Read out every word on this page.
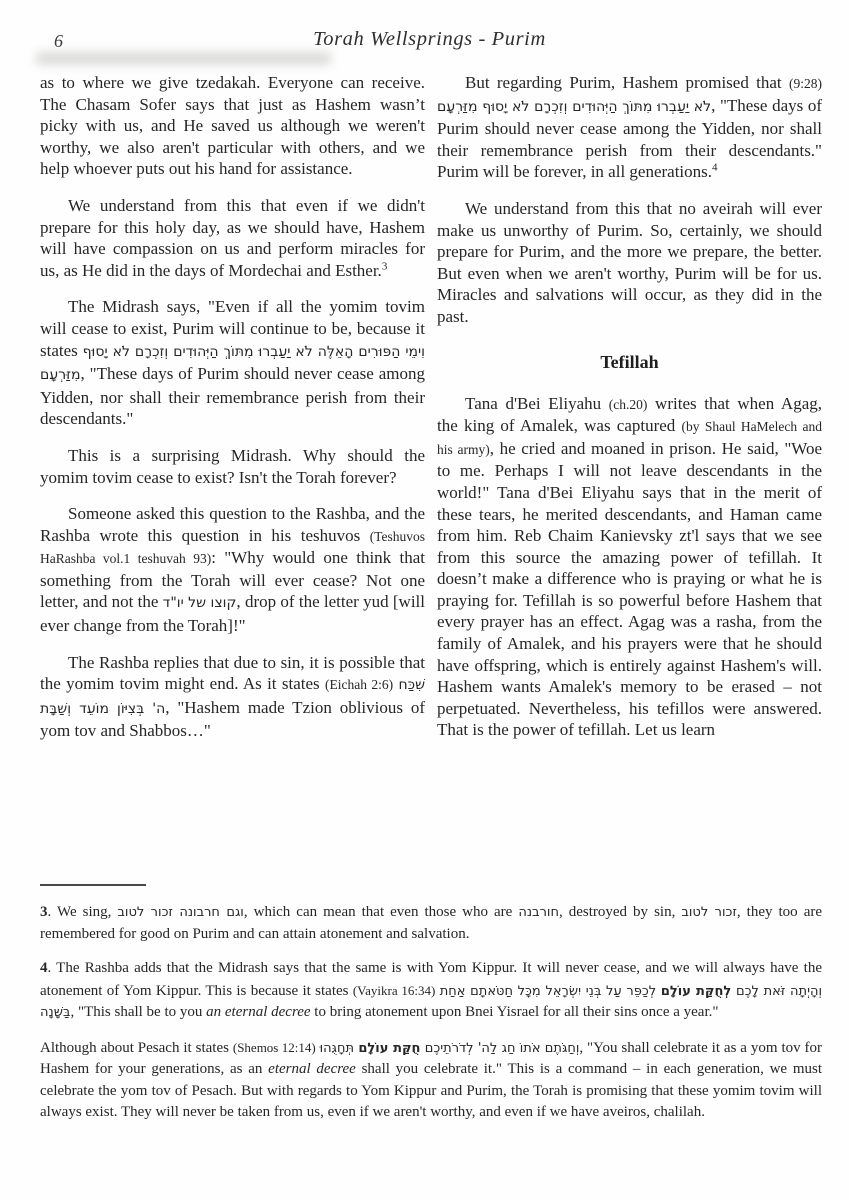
6	Torah Wellsprings - Purim

as to where we give tzedakah. Everyone can receive. The Chasam Sofer says that just as Hashem wasn’t picky with us, and He saved us although we weren't worthy, we also aren't particular with others, and we help whoever puts out his hand for assistance.

We understand from this that even if we didn't prepare for this holy day, as we should have, Hashem will have compassion on us and perform miracles for us, as He did in the days of Mordechai and Esther.$^3$

The Midrash says, "Even if all the yomim tovim will cease to exist, Purim will continue to be, because it states וִימֵי הַפּוּרִים הָאֵלֶּה לֹא יַעַבְרוּ מִתּוֹךְ הַיְּהוּדִים וְזִכְרָם לֹא יָסוּף מִזַּרְעָם, "These days of Purim should never cease among Yidden, nor shall their remembrance perish from their descendants."

This is a surprising Midrash. Why should the yomim tovim cease to exist? Isn't the Torah forever?

Someone asked this question to the Rashba, and the Rashba wrote this question in his teshuvos (Teshuvos HaRashba vol.1 teshuvah 93): "Why would one think that something from the Torah will ever cease? Not one letter, and not the קוצו של יו"ד, drop of the letter yud [will ever change from the Torah]!"

The Rashba replies that due to sin, it is possible that the yomim tovim might end. As it states (Eichah 2:6) שִׁכַּח ה' בְּצִיּוֹן מוֹעֵד וְשַׁבָּת, "Hashem made Tzion oblivious of yom tov and Shabbos…"

But regarding Purim, Hashem promised that (9:28) לֹא יַעַבְרוּ מִתּוֹךְ הַיְּהוּדִים וְזִכְרָם לֹא יָסוּף מִזַּרְעָם, "These days of Purim should never cease among the Yidden, nor shall their remembrance perish from their descendants." Purim will be forever, in all generations.$^4$

We understand from this that no aveirah will ever make us unworthy of Purim. So, certainly, we should prepare for Purim, and the more we prepare, the better. But even when we aren't worthy, Purim will be for us. Miracles and salvations will occur, as they did in the past.

Tefillah

Tana d'Bei Eliyahu (ch.20) writes that when Agag, the king of Amalek, was captured (by Shaul HaMelech and his army), he cried and moaned in prison. He said, "Woe to me. Perhaps I will not leave descendants in the world!" Tana d'Bei Eliyahu says that in the merit of these tears, he merited descendants, and Haman came from him. Reb Chaim Kanievsky zt'l says that we see from this source the amazing power of tefillah. It doesn’t make a difference who is praying or what he is praying for. Tefillah is so powerful before Hashem that every prayer has an effect. Agag was a rasha, from the family of Amalek, and his prayers were that he should have offspring, which is entirely against Hashem's will. Hashem wants Amalek's memory to be erased – not perpetuated. Nevertheless, his tefillos were answered. That is the power of tefillah. Let us learn

3. We sing, וגם חרבונה זכור לטוב, which can mean that even those who are חורבנה, destroyed by sin, זכור לטוב, they too are remembered for good on Purim and can attain atonement and salvation.

4. The Rashba adds that the Midrash says that the same is with Yom Kippur. It will never cease, and we will always have the atonement of Yom Kippur. This is because it states (Vayikra 16:34)	וְהָיְתָה זֹּאת לָכֶם לְחֻקַּת עוֹלָם לְכַפֵּר עַל בְּנֵי יִשְׂרָאֵל מִכָּל חַטֹּאתָם אַחַת בַּשָּׁנָה, "This shall be to you an eternal decree to bring atonement upon Bnei Yisrael for all their sins once a year."

Although about Pesach it states (Shemos 12:14)	וְחַגֹּתֶם אֹתוֹ חַג לַה' לְדֹרֹתֵיכֶם חֻקַּת עוֹלָם תְּחָגֻּהוּ	, "You shall celebrate it as a yom tov for Hashem for your generations, as an eternal decree shall you celebrate it." This is a command – in each generation, we must celebrate the yom tov of Pesach. But with regards to Yom Kippur and Purim, the Torah is promising that these yomim tovim will always exist. They will never be taken from us, even if we aren't worthy, and even if we have aveiros, chalilah.
